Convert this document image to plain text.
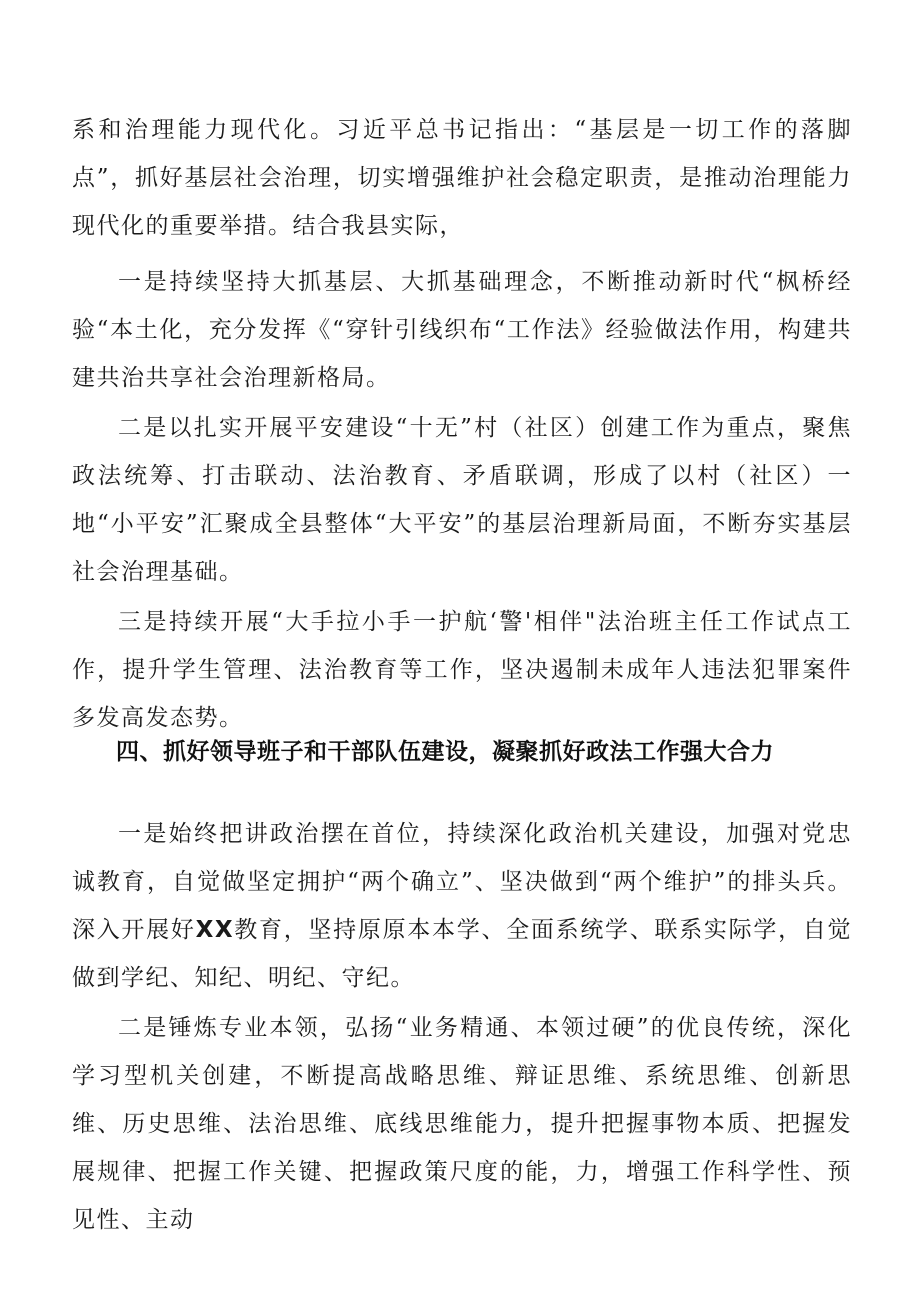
系和治理能力现代化。习近平总书记指出：“基层是一切工作的落脚点”，抓好基层社会治理，切实增强维护社会稳定职责，是推动治理能力现代化的重要举措。结合我县实际，

一是持续坚持大抓基层、大抓基础理念，不断推动新时代“枫桥经验“本土化，充分发挥《“穿针引线织布“工作法》经验做法作用，构建共建共治共享社会治理新格局。

二是以扎实开展平安建设“十无”村（社区）创建工作为重点，聚焦政法统筹、打击联动、法治教育、矛盾联调，形成了以村（社区）一地“小平安”汇聚成全县整体“大平安”的基层治理新局面，不断夯实基层社会治理基础。

三是持续开展“大手拉小手一护航‘警'相伴"法治班主任工作试点工作，提升学生管理、法治教育等工作，坚决遏制未成年人违法犯罪案件多发高发态势。

四、抓好领导班子和干部队伍建设，凝聚抓好政法工作强大合力

一是始终把讲政治摆在首位，持续深化政治机关建设，加强对党忠诚教育，自觉做坚定拥护“两个确立”、坚决做到“两个维护”的排头兵。深入开展好XX教育，坚持原原本本学、全面系统学、联系实际学，自觉做到学纪、知纪、明纪、守纪。

二是锤炼专业本领，弘扬“业务精通、本领过硬”的优良传统，深化学习型机关创建，不断提高战略思维、辩证思维、系统思维、创新思维、历史思维、法治思维、底线思维能力，提升把握事物本质、把握发展规律、把握工作关键、把握政策尺度的能，力，增强工作科学性、预见性、主动
